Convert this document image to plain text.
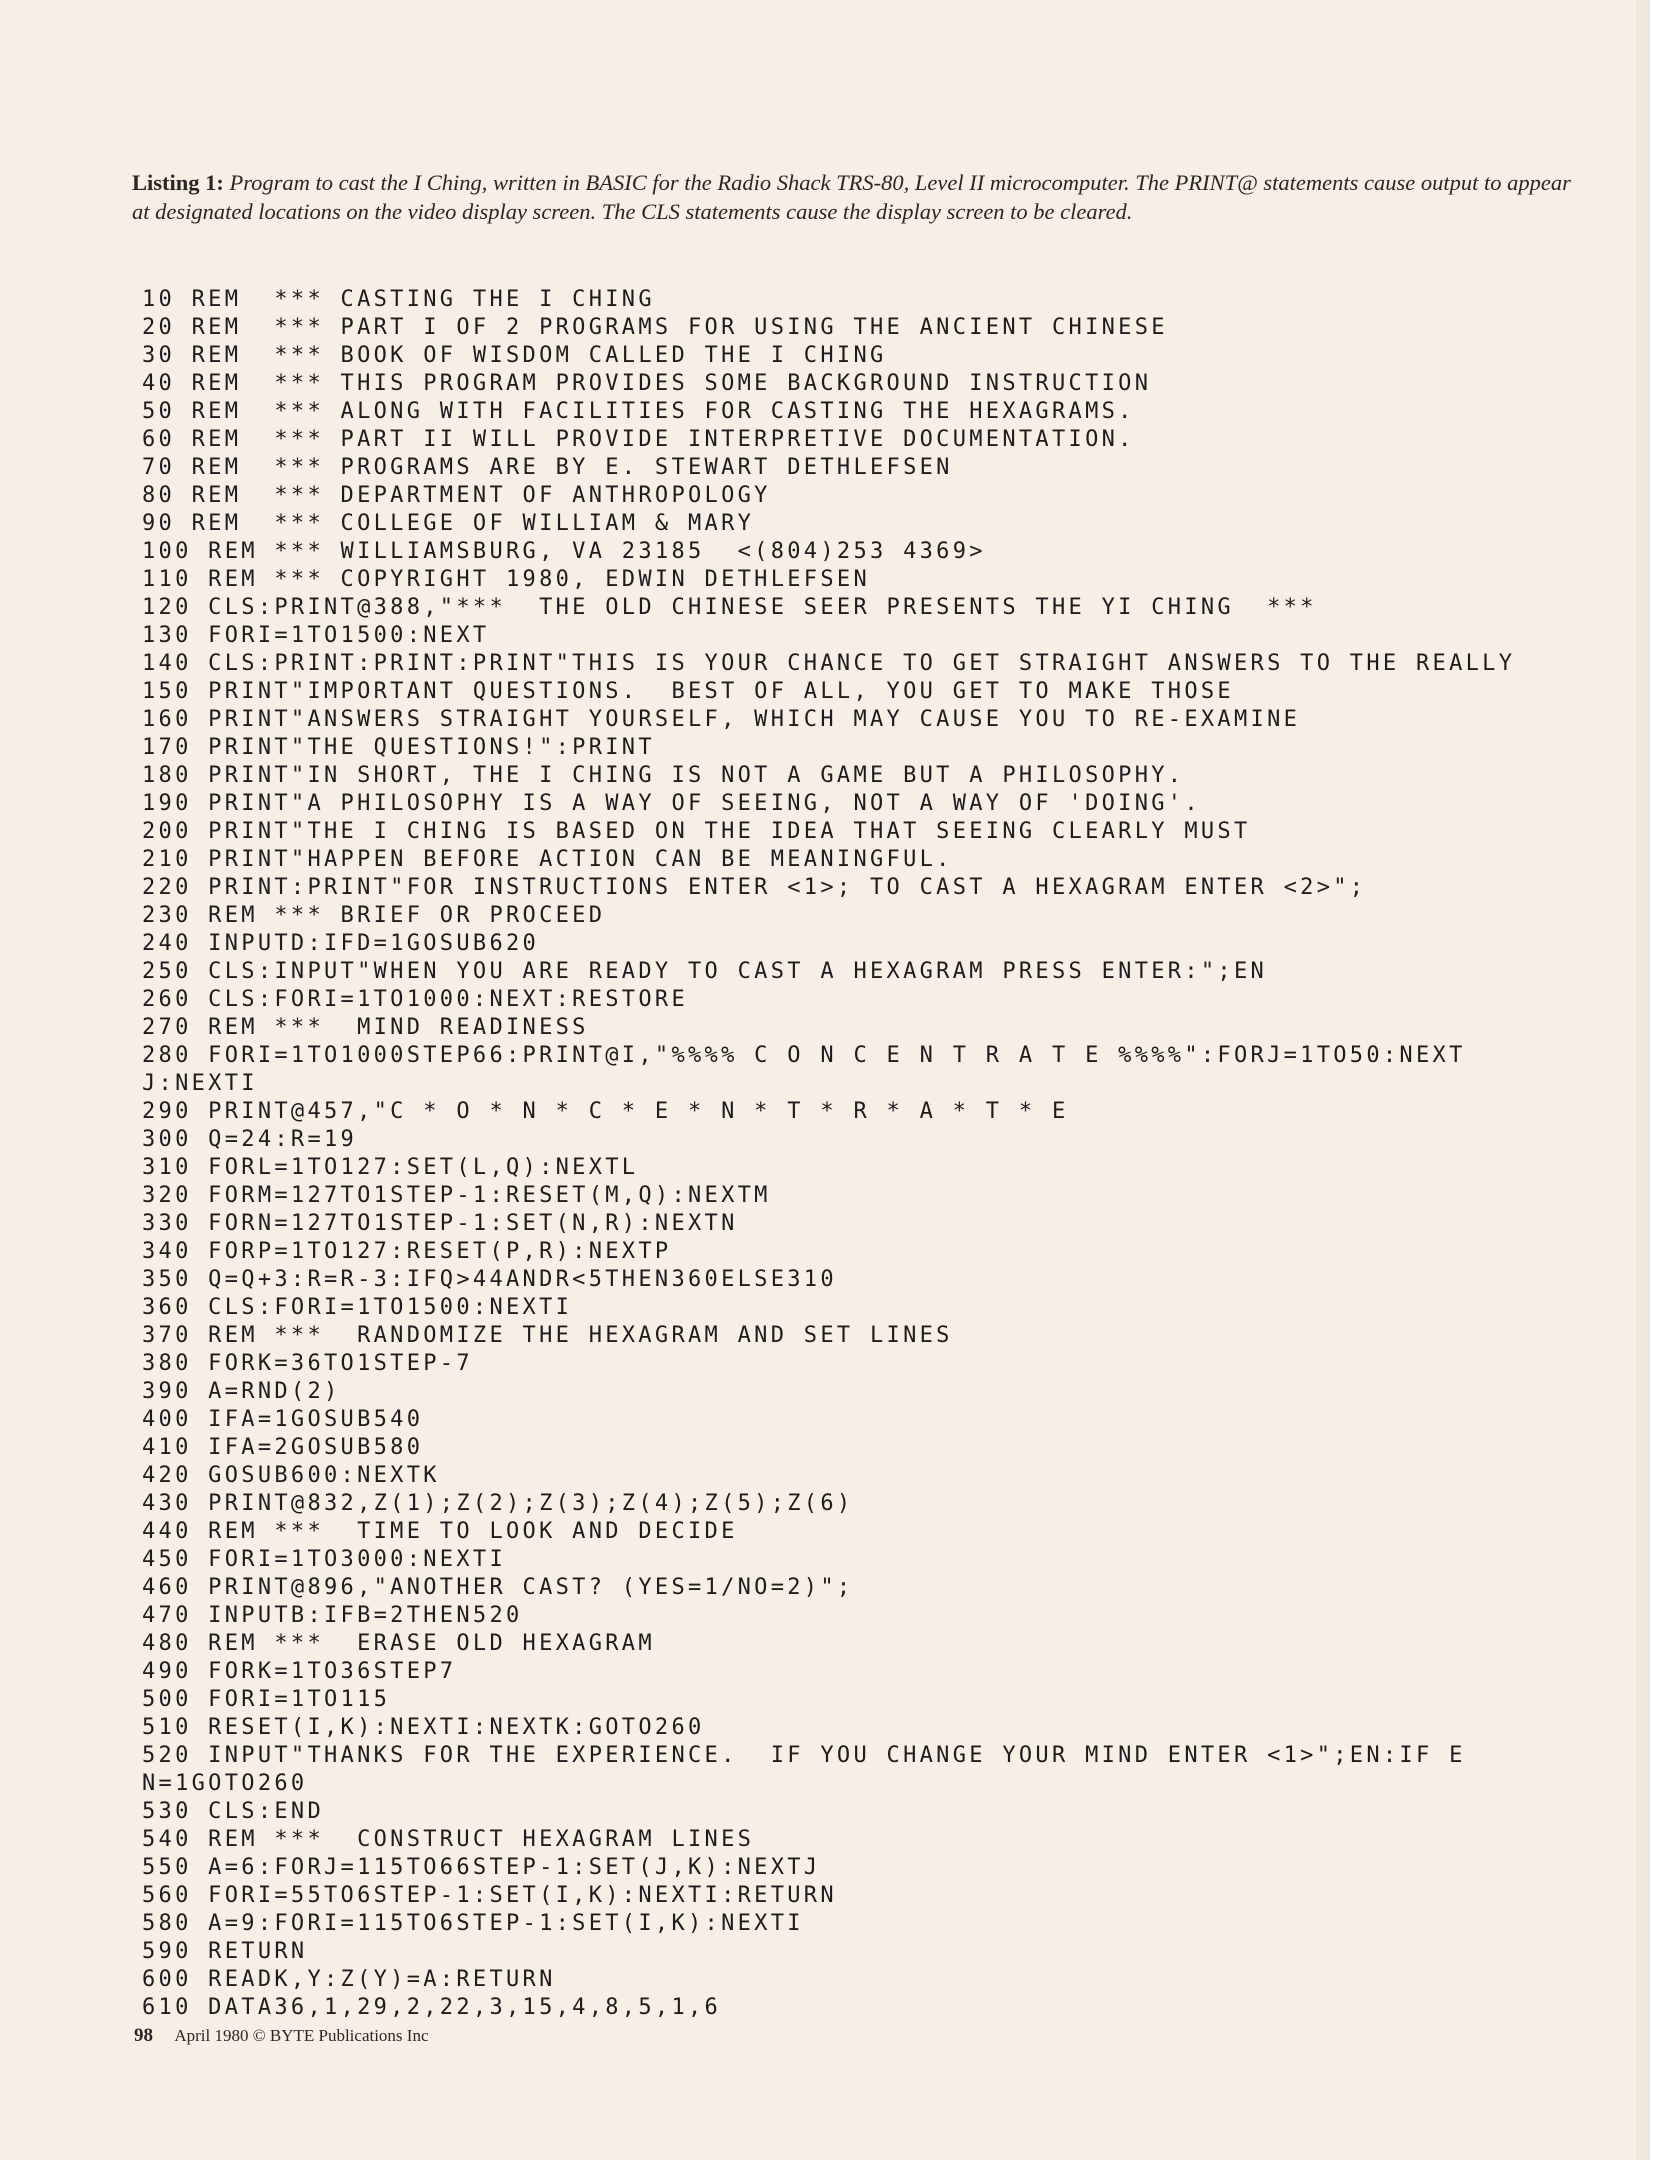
Listing 1: Program to cast the I Ching, written in BASIC for the Radio Shack TRS-80, Level II microcomputer. The PRINT@ statements cause output to appear at designated locations on the video display screen. The CLS statements cause the display screen to be cleared.
10 REM  *** CASTING THE I CHING
20 REM  *** PART I OF 2 PROGRAMS FOR USING THE ANCIENT CHINESE
30 REM  *** BOOK OF WISDOM CALLED THE I CHING
40 REM  *** THIS PROGRAM PROVIDES SOME BACKGROUND INSTRUCTION
50 REM  *** ALONG WITH FACILITIES FOR CASTING THE HEXAGRAMS.
60 REM  *** PART II WILL PROVIDE INTERPRETIVE DOCUMENTATION.
70 REM  *** PROGRAMS ARE BY E. STEWART DETHLEFSEN
80 REM  *** DEPARTMENT OF ANTHROPOLOGY
90 REM  *** COLLEGE OF WILLIAM & MARY
100 REM *** WILLIAMSBURG, VA 23185  <(804)253 4369>
110 REM *** COPYRIGHT 1980, EDWIN DETHLEFSEN
120 CLS:PRINT@388,"***  THE OLD CHINESE SEER PRESENTS THE YI CHING  ***
130 FORI=1TO1500:NEXT
140 CLS:PRINT:PRINT:PRINT"THIS IS YOUR CHANCE TO GET STRAIGHT ANSWERS TO THE REALLY
150 PRINT"IMPORTANT QUESTIONS.  BEST OF ALL, YOU GET TO MAKE THOSE
160 PRINT"ANSWERS STRAIGHT YOURSELF, WHICH MAY CAUSE YOU TO RE-EXAMINE
170 PRINT"THE QUESTIONS!":PRINT
180 PRINT"IN SHORT, THE I CHING IS NOT A GAME BUT A PHILOSOPHY.
190 PRINT"A PHILOSOPHY IS A WAY OF SEEING, NOT A WAY OF 'DOING'.
200 PRINT"THE I CHING IS BASED ON THE IDEA THAT SEEING CLEARLY MUST
210 PRINT"HAPPEN BEFORE ACTION CAN BE MEANINGFUL.
220 PRINT:PRINT"FOR INSTRUCTIONS ENTER <1>; TO CAST A HEXAGRAM ENTER <2>";
230 REM *** BRIEF OR PROCEED
240 INPUTD:IFD=1GOSUB620
250 CLS:INPUT"WHEN YOU ARE READY TO CAST A HEXAGRAM PRESS ENTER:";EN
260 CLS:FORI=1TO1000:NEXT:RESTORE
270 REM ***  MIND READINESS
280 FORI=1TO1000STEP66:PRINT@I,"%%%% C O N C E N T R A T E %%%%":FORJ=1TO50:NEXT
J:NEXTI
290 PRINT@457,"C * O * N * C * E * N * T * R * A * T * E
300 Q=24:R=19
310 FORL=1TO127:SET(L,Q):NEXTL
320 FORM=127TO1STEP-1:RESET(M,Q):NEXTM
330 FORN=127TO1STEP-1:SET(N,R):NEXTN
340 FORP=1TO127:RESET(P,R):NEXTP
350 Q=Q+3:R=R-3:IFQ>44ANDR<5THEN360ELSE310
360 CLS:FORI=1TO1500:NEXTI
370 REM ***  RANDOMIZE THE HEXAGRAM AND SET LINES
380 FORK=36TO1STEP-7
390 A=RND(2)
400 IFA=1GOSUB540
410 IFA=2GOSUB580
420 GOSUB600:NEXTK
430 PRINT@832,Z(1);Z(2);Z(3);Z(4);Z(5);Z(6)
440 REM ***  TIME TO LOOK AND DECIDE
450 FORI=1TO3000:NEXTI
460 PRINT@896,"ANOTHER CAST? (YES=1/NO=2)";
470 INPUTB:IFB=2THEN520
480 REM ***  ERASE OLD HEXAGRAM
490 FORK=1TO36STEP7
500 FORI=1TO115
510 RESET(I,K):NEXTI:NEXTK:GOTO260
520 INPUT"THANKS FOR THE EXPERIENCE.  IF YOU CHANGE YOUR MIND ENTER <1>";EN:IF E
N=1GOTO260
530 CLS:END
540 REM ***  CONSTRUCT HEXAGRAM LINES
550 A=6:FORJ=115TO66STEP-1:SET(J,K):NEXTJ
560 FORI=55TO6STEP-1:SET(I,K):NEXTI:RETURN
580 A=9:FORI=115TO6STEP-1:SET(I,K):NEXTI
590 RETURN
600 READK,Y:Z(Y)=A:RETURN
610 DATA36,1,29,2,22,3,15,4,8,5,1,6
98 April 1980 © BYTE Publications Inc
